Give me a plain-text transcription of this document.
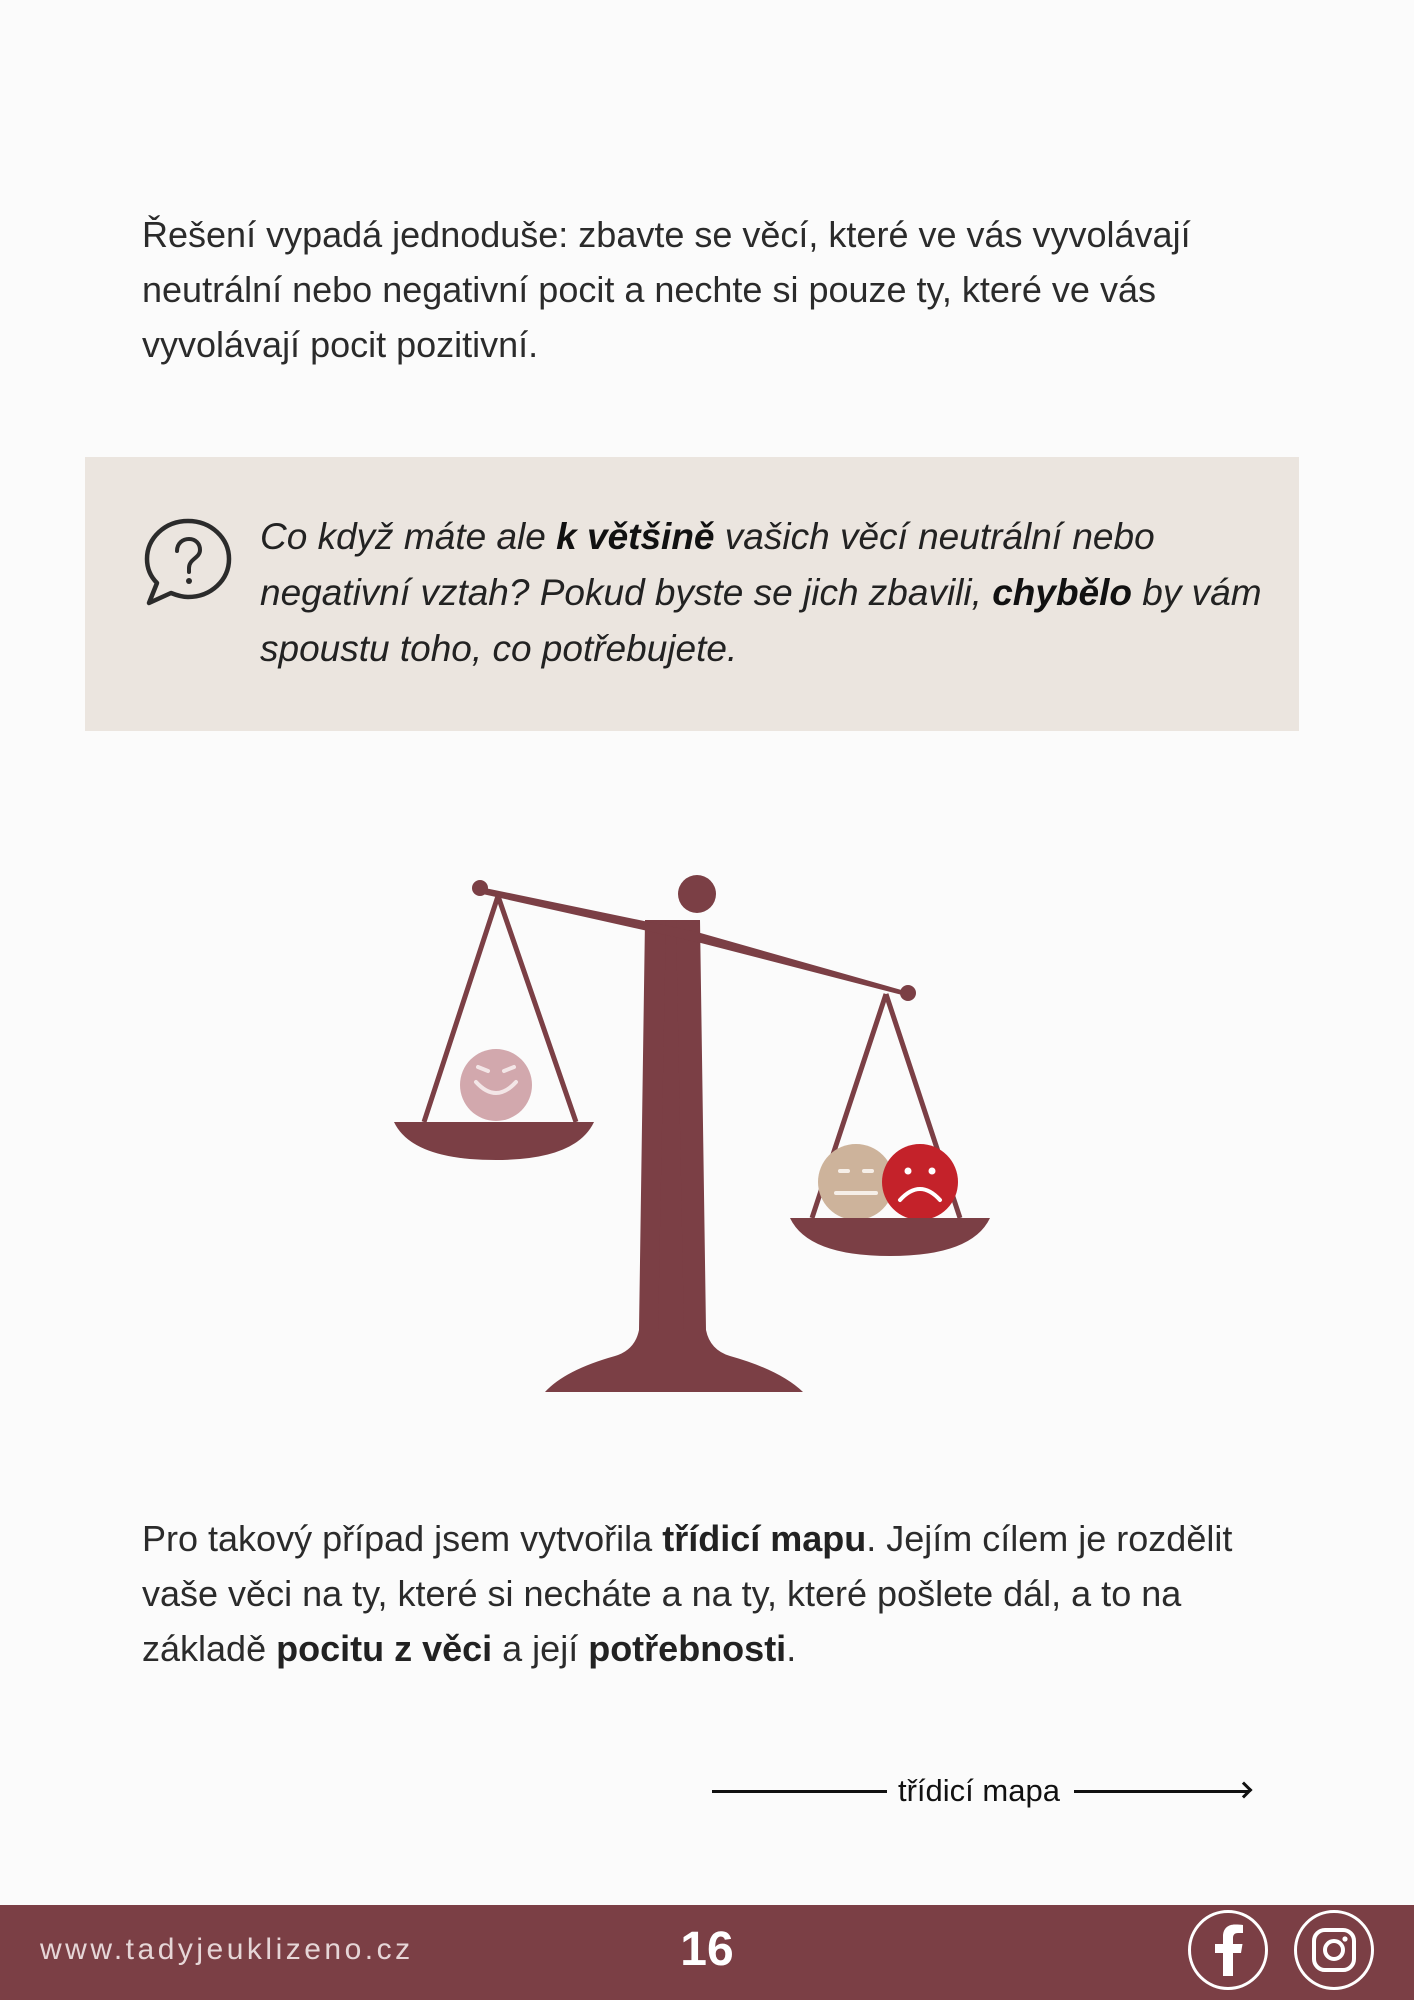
Řešení vypadá jednoduše: zbavte se věcí, které ve vás vyvolávají neutrální nebo negativní pocit a nechte si pouze ty, které ve vás vyvolávají pocit pozitivní.

Co když máte ale k většině vašich věcí neutrální nebo negativní vztah? Pokud byste se jich zbavili, chybělo by vám spoustu toho, co potřebujete.

Pro takový případ jsem vytvořila třídicí mapu. Jejím cílem je rozdělit vaše věci na ty, které si necháte a na ty, které pošlete dál, a to na základě pocitu z věci a její potřebnosti.

třídicí mapa
www.tadyjeuklizeno.cz	16
